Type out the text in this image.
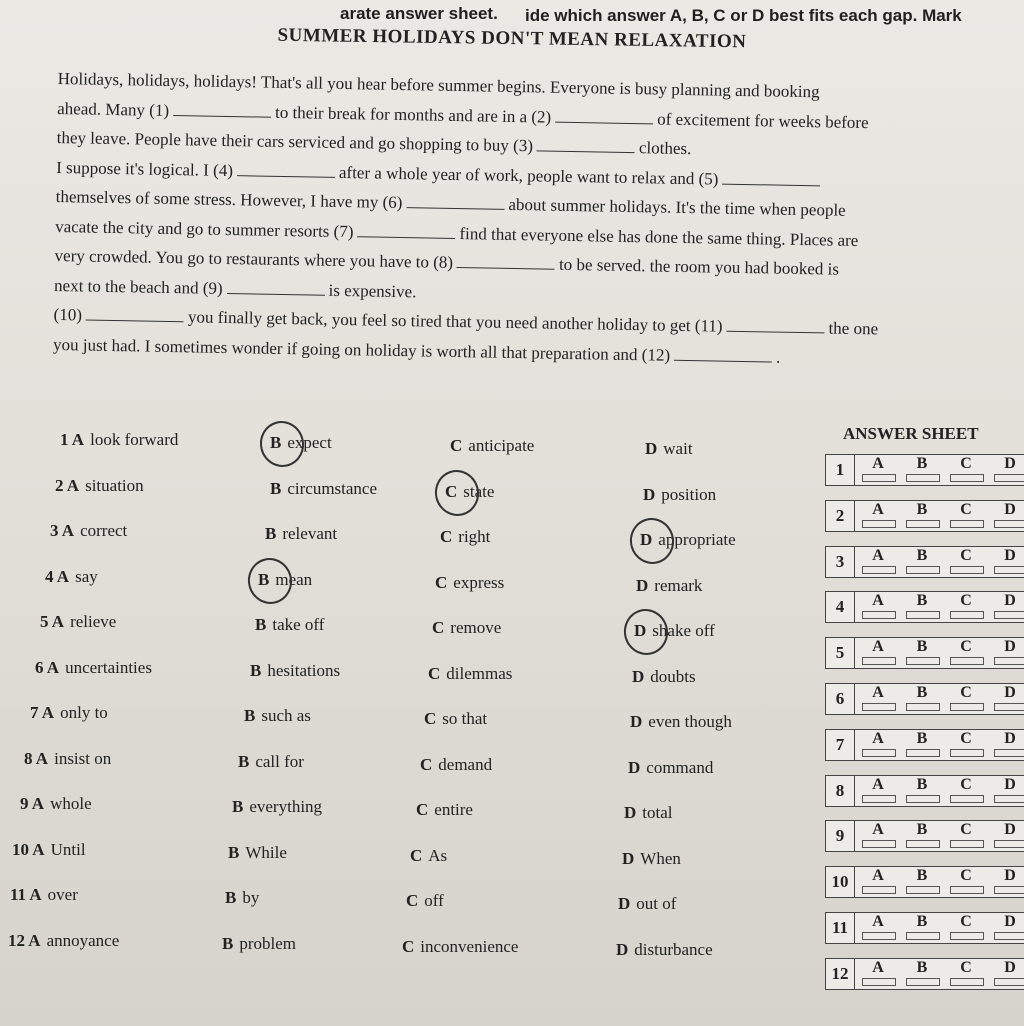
arate answer sheet. ide which answer A, B, C or D best fits each gap. Mark
SUMMER HOLIDAYS DON'T MEAN RELAXATION
Holidays, holidays, holidays! That's all you hear before summer begins. Everyone is busy planning and booking
ahead. Many (1)	to their break for months and are in a (2)	of excitement for weeks before
they leave. People have their cars serviced and go shopping to buy (3)	clothes.
I suppose it's logical. I (4)	after a whole year of work, people want to relax and (5)
themselves of some stress. However, I have my (6)	about summer holidays. It's the time when people
vacate the city and go to summer resorts (7)	find that everyone else has done the same thing. Places are
very crowded. You go to restaurants where you have to (8)	to be served. the room you had booked is
next to the beach and (9)	is expensive.
(10)	you finally get back, you feel so tired that you need another holiday to get (11)	the one
you just had. I sometimes wonder if going on holiday is worth all that preparation and (12)	.
1 A look forward	B expect	C anticipate	D wait
2 A situation	B circumstance	C state	D position
3 A correct	B relevant	C right	D appropriate
4 A say	B mean	C express	D remark
5 A relieve	B take off	C remove	D shake off
6 A uncertainties	B hesitations	C dilemmas	D doubts
7 A only to	B such as	C so that	D even though
8 A insist on	B call for	C demand	D command
9 A whole	B everything	C entire	D total
10 A Until	B While	C As	D When
11 A over	B by	C off	D out of
12 A annoyance	B problem	C inconvenience	D disturbance
ANSWER SHEET
1	A	B	C	D
2	A	B	C	D
3	A	B	C	D
4	A	B	C	D
5	A	B	C	D
6	A	B	C	D
7	A	B	C	D
8	A	B	C	D
9	A	B	C	D
10	A	B	C	D
11	A	B	C	D
12	A	B	C	D
